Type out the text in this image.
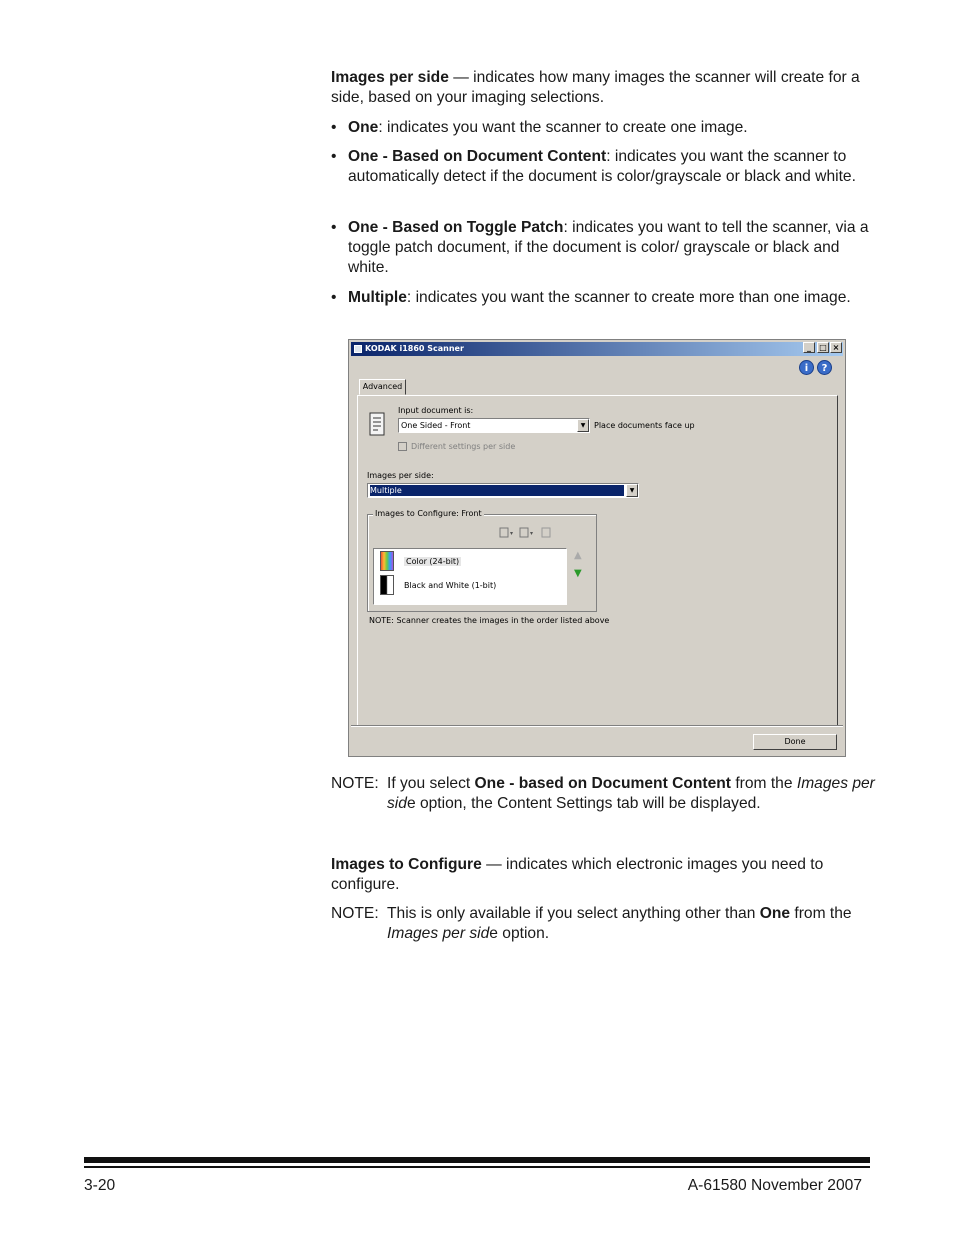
Images per side — indicates how many images the scanner will create for a side, based on your imaging selections.

• One: indicates you want the scanner to create one image.
• One - Based on Document Content: indicates you want the scanner to automatically detect if the document is color/grayscale or black and white.
• One - Based on Toggle Patch: indicates you want to tell the scanner, via a toggle patch document, if the document is color/ grayscale or black and white.
• Multiple: indicates you want the scanner to create more than one image.
KODAK i1860 Scanner	_	□ ×
i	?
Advanced
Input document is:
One Sided - Front	▼	Place documents face up
Different settings per side
Images per side:
Multiple	▼
Images to Configure: Front
▾	▾
Color (24-bit)
Black and White (1-bit)
▲
▼
NOTE: Scanner creates the images in the order listed above
Done
NOTE: If you select One - based on Document Content from the Images per side option, the Content Settings tab will be displayed.

Images to Configure — indicates which electronic images you need to configure.

NOTE: This is only available if you select anything other than One from the Images per side option.
3-20	A-61580 November 2007
